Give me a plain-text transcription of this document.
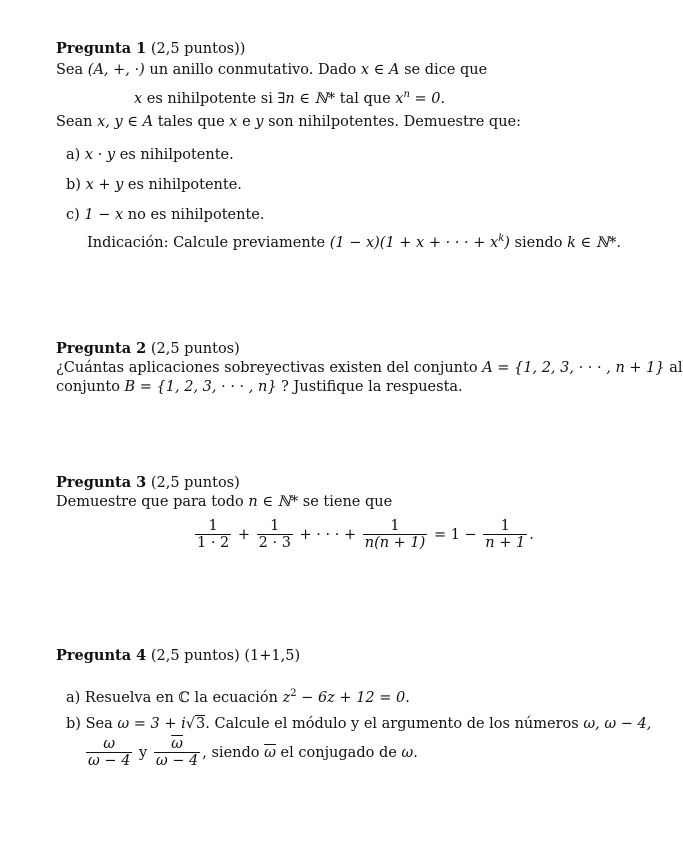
Pregunta 1 (2,5 puntos))
Sea (A, +, ·) un anillo conmutativo. Dado x ∈ A se dice que
x es nihilpotente si ∃n ∈ ℕ* tal que $x^n = 0$.
Sean x, y ∈ A tales que x e y son nihilpotentes. Demuestre que:
a) x · y es nihilpotente.
b) x + y es nihilpotente.
c) 1 − x no es nihilpotente.
Indicación: Calcule previamente (1 − x)(1 + x + · · · + $x^k$) siendo k ∈ ℕ*.
Pregunta 2 (2,5 puntos)
¿Cuántas aplicaciones sobreyectivas existen del conjunto A = {1, 2, 3, · · · , n + 1} al
conjunto B = {1, 2, 3, · · · , n} ? Justifique la respuesta.
Pregunta 3 (2,5 puntos)
Demuestre que para todo n ∈ ℕ* se tiene que
$\frac{1}{1 \cdot 2} + \frac{1}{2 \cdot 3}$ + · · · + $\frac{1}{n(n + 1)} = 1 - \frac{1}{n + 1}$ .
Pregunta 4 (2,5 puntos) (1+1,5)
a) Resuelva en ℂ la ecuación $z^2 - 6z + 12 = 0$.
b) Sea ω = 3 + i√3. Calcule el módulo y el argumento de los números ω, ω − 4,
$\frac{\omega}{\omega - 4}$ y $\frac{\overline{\omega}}{\overline{\omega} - 4}$ , siendo $\overline{\omega}$ el conjugado de ω.
